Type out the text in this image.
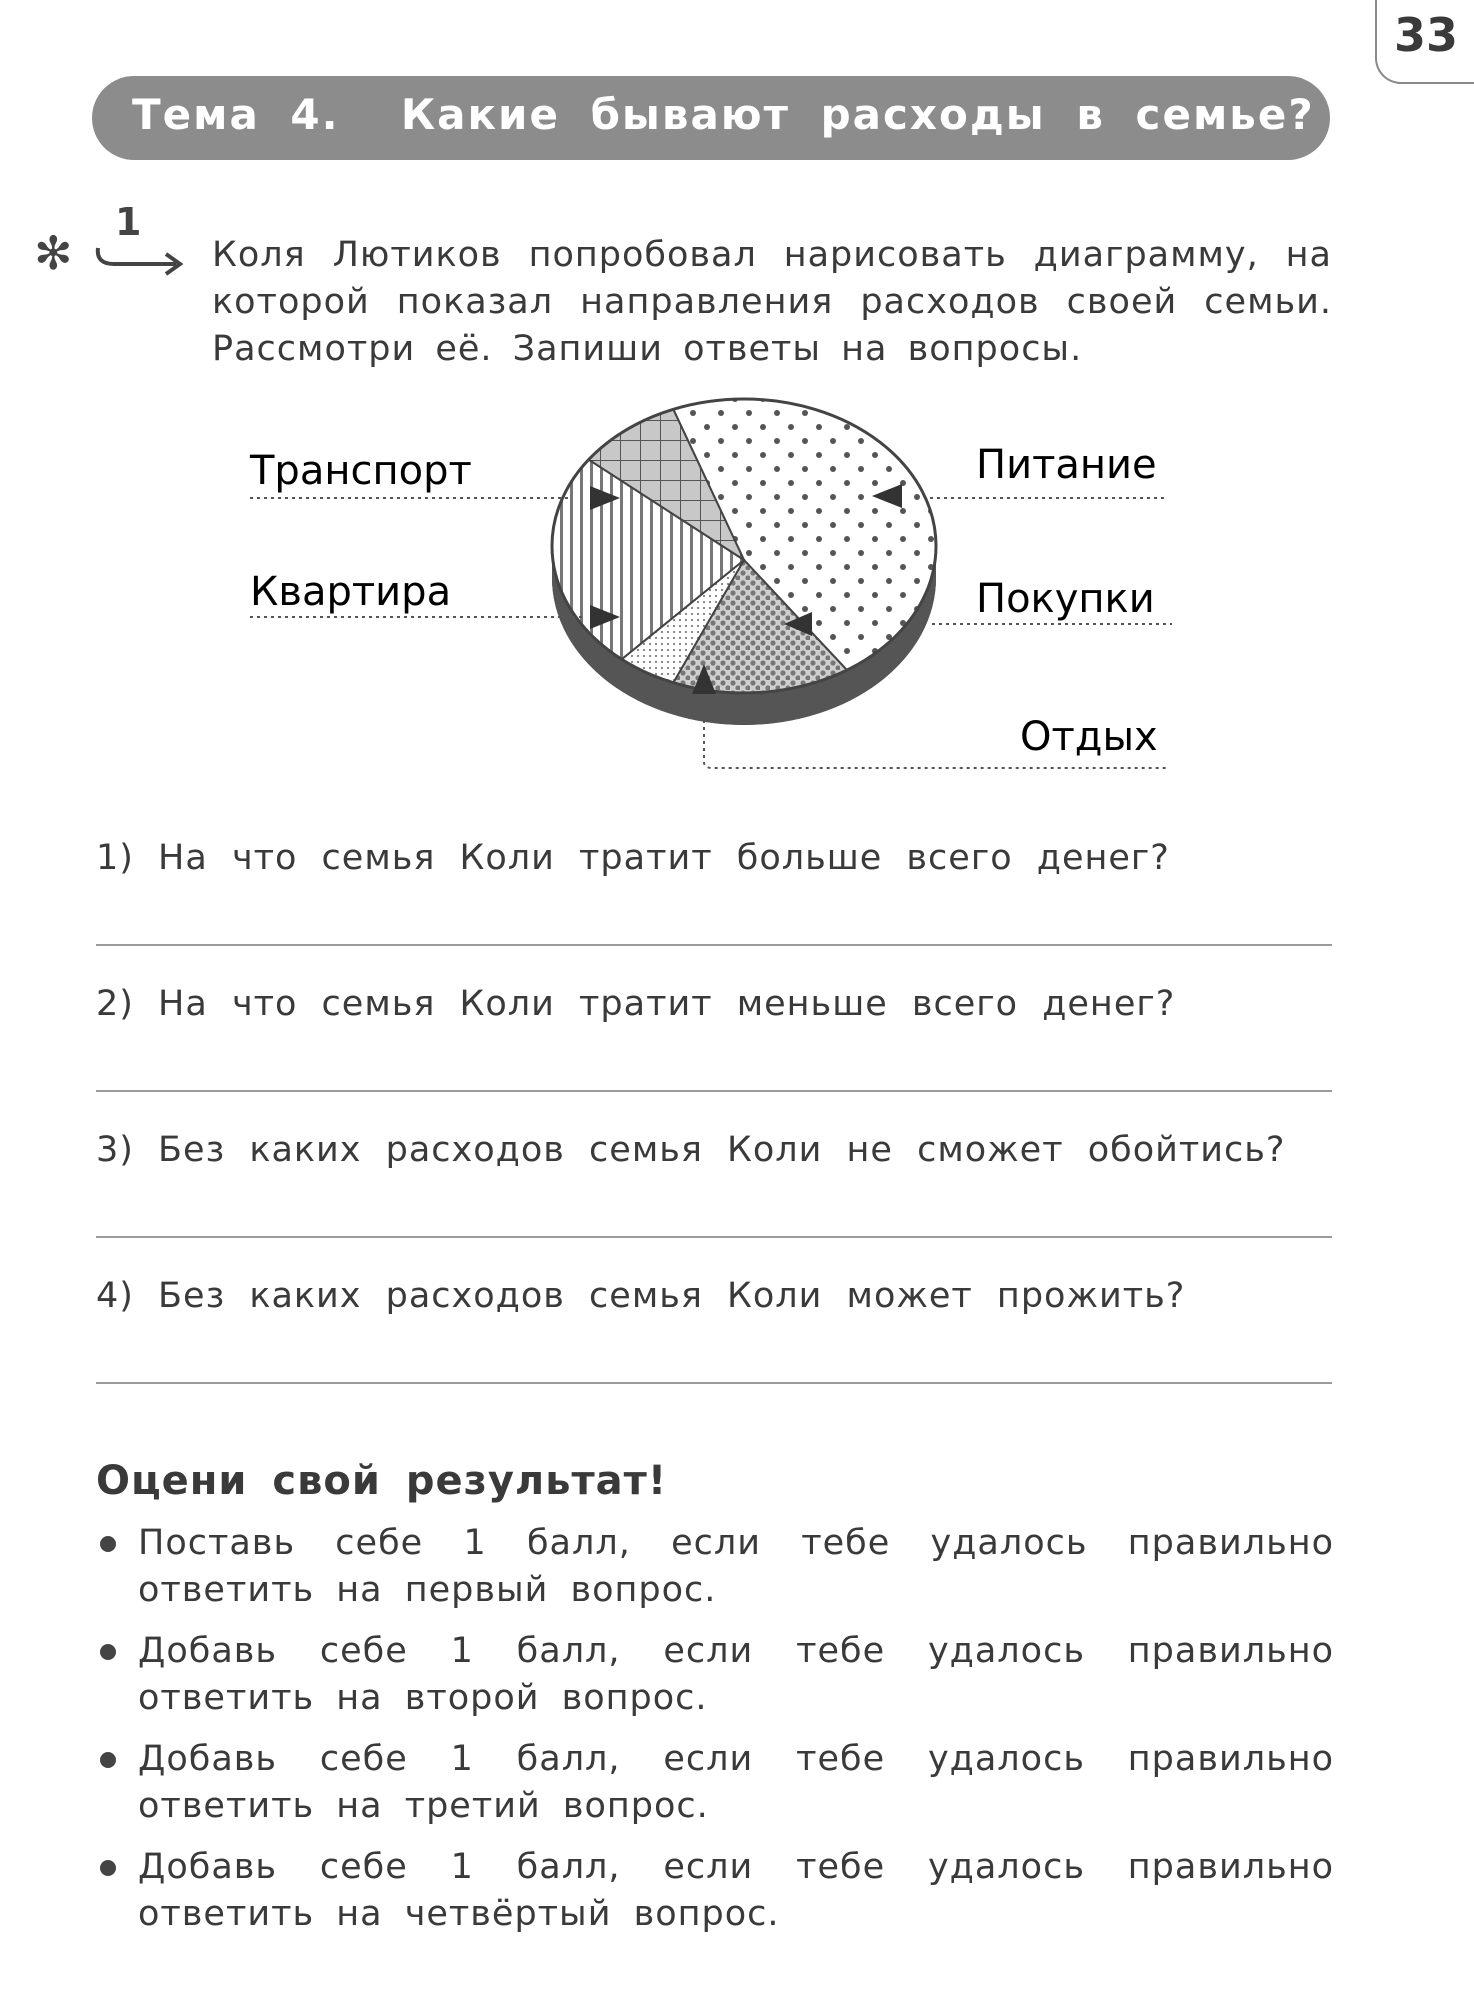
33
Тема 4.  Какие бывают расходы в семье?
✻
1
Коля Лютиков попробовал нарисовать диаграмму, на которой показал направления расходов своей семьи. Рассмотри её. Запиши ответы на вопросы.
Транспорт	Питание
Квартира	Покупки
Отдых
1) На что семья Коли тратит больше всего денег?
2) На что семья Коли тратит меньше всего денег?
3) Без каких расходов семья Коли не сможет обойтись?
4) Без каких расходов семья Коли может прожить?
Оцени свой результат!
Поставь себе 1 балл, если тебе удалось правильно ответить на первый вопрос.
Добавь себе 1 балл, если тебе удалось правильно ответить на второй вопрос.
Добавь себе 1 балл, если тебе удалось правильно ответить на третий вопрос.
Добавь себе 1 балл, если тебе удалось правильно ответить на четвёртый вопрос.
